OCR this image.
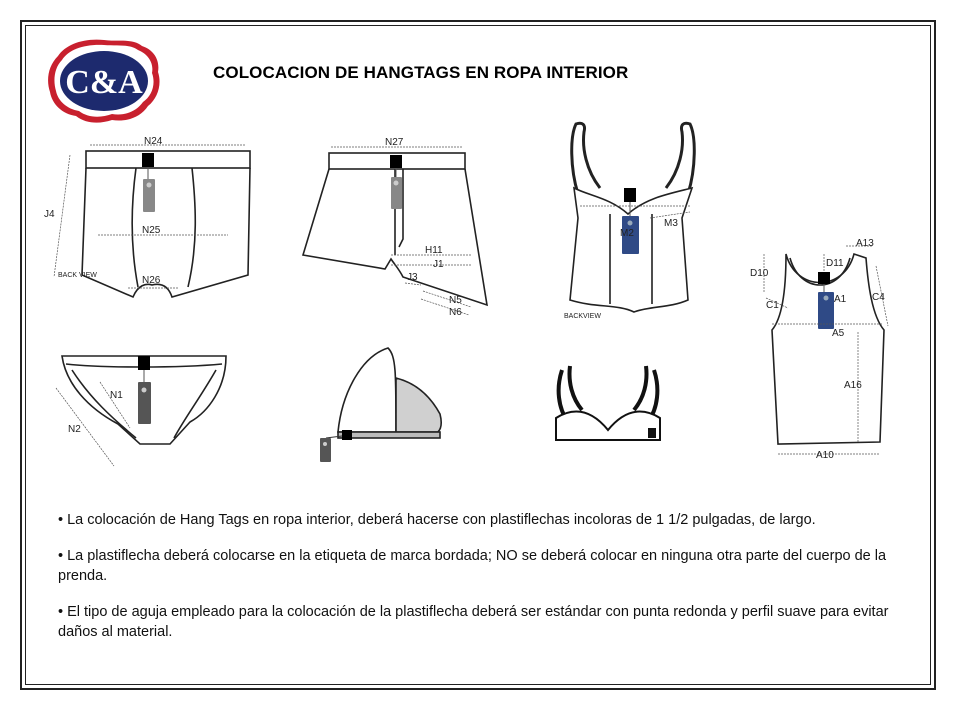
C&A	COLOCACION DE HANGTAGS EN ROPA INTERIOR
N24
J4
N25
N26
BACK VIEW
N27
H11
J1
J3
N5
N6
M2
M3
BACKVIEW
A13
D11
D10
C1
A1	C4
A5
A16
A10
N1
N2

• La colocación de Hang Tags en ropa interior, deberá hacerse con plastiflechas incoloras de 1 1/2 pulgadas, de largo.

• La plastiflecha deberá colocarse en la etiqueta de marca bordada; NO se deberá colocar en ninguna otra parte del cuerpo de la prenda.

• El tipo de aguja empleado para la colocación de la plastiflecha deberá ser estándar con punta redonda y perfil suave para evitar daños al material.
